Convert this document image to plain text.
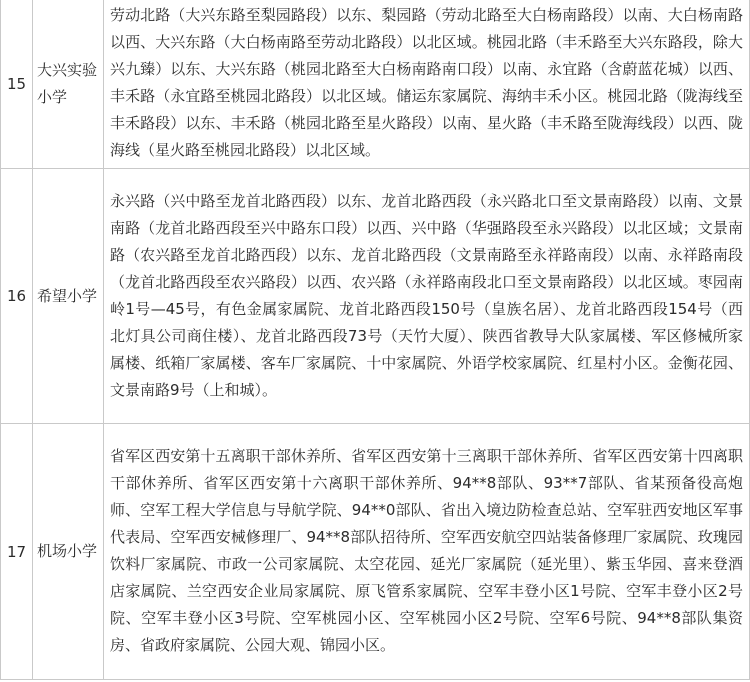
15	大兴实验小学	劳动北路（大兴东路至梨园路段）以东、梨园路（劳动北路至大白杨南路段）以南、大白杨南路以西、大兴东路（大白杨南路至劳动北路段）以北区域。桃园北路（丰禾路至大兴东路段，除大兴九臻）以东、大兴东路（桃园北路至大白杨南路南口段）以南、永宜路（含蔚蓝花城）以西、丰禾路（永宜路至桃园北路段）以北区域。储运东家属院、海纳丰禾小区。桃园北路（陇海线至丰禾路段）以东、丰禾路（桃园北路至星火路段）以南、星火路（丰禾路至陇海线段）以西、陇海线（星火路至桃园北路段）以北区域。
16	希望小学	永兴路（兴中路至龙首北路西段）以东、龙首北路西段（永兴路北口至文景南路段）以南、文景南路（龙首北路西段至兴中路东口段）以西、兴中路（华强路段至永兴路段）以北区域；文景南路（农兴路至龙首北路西段）以东、龙首北路西段（文景南路至永祥路南段）以南、永祥路南段（龙首北路西段至农兴路段）以西、农兴路（永祥路南段北口至文景南路段）以北区域。枣园南岭1号—45号，有色金属家属院、龙首北路西段150号（皇族名居）、龙首北路西段154号（西北灯具公司商住楼）、龙首北路西段73号（天竹大厦）、陕西省教导大队家属楼、军区修械所家属楼、纸箱厂家属楼、客车厂家属院、十中家属院、外语学校家属院、红星村小区。金衡花园、文景南路9号（上和城）。
17	机场小学	省军区西安第十五离职干部休养所、省军区西安第十三离职干部休养所、省军区西安第十四离职干部休养所、省军区西安第十六离职干部休养所、94**8部队、93**7部队、省某预备役高炮师、空军工程大学信息与导航学院、94**0部队、省出入境边防检查总站、空军驻西安地区军事代表局、空军西安械修理厂、94**8部队招待所、空军西安航空四站装备修理厂家属院、玫瑰园饮料厂家属院、市政一公司家属院、太空花园、延光厂家属院（延光里）、紫玉华园、喜来登酒店家属院、兰空西安企业局家属院、原飞管系家属院、空军丰登小区1号院、空军丰登小区2号院、空军丰登小区3号院、空军桃园小区、空军桃园小区2号院、空军6号院、94**8部队集资房、省政府家属院、公园大观、锦园小区。
